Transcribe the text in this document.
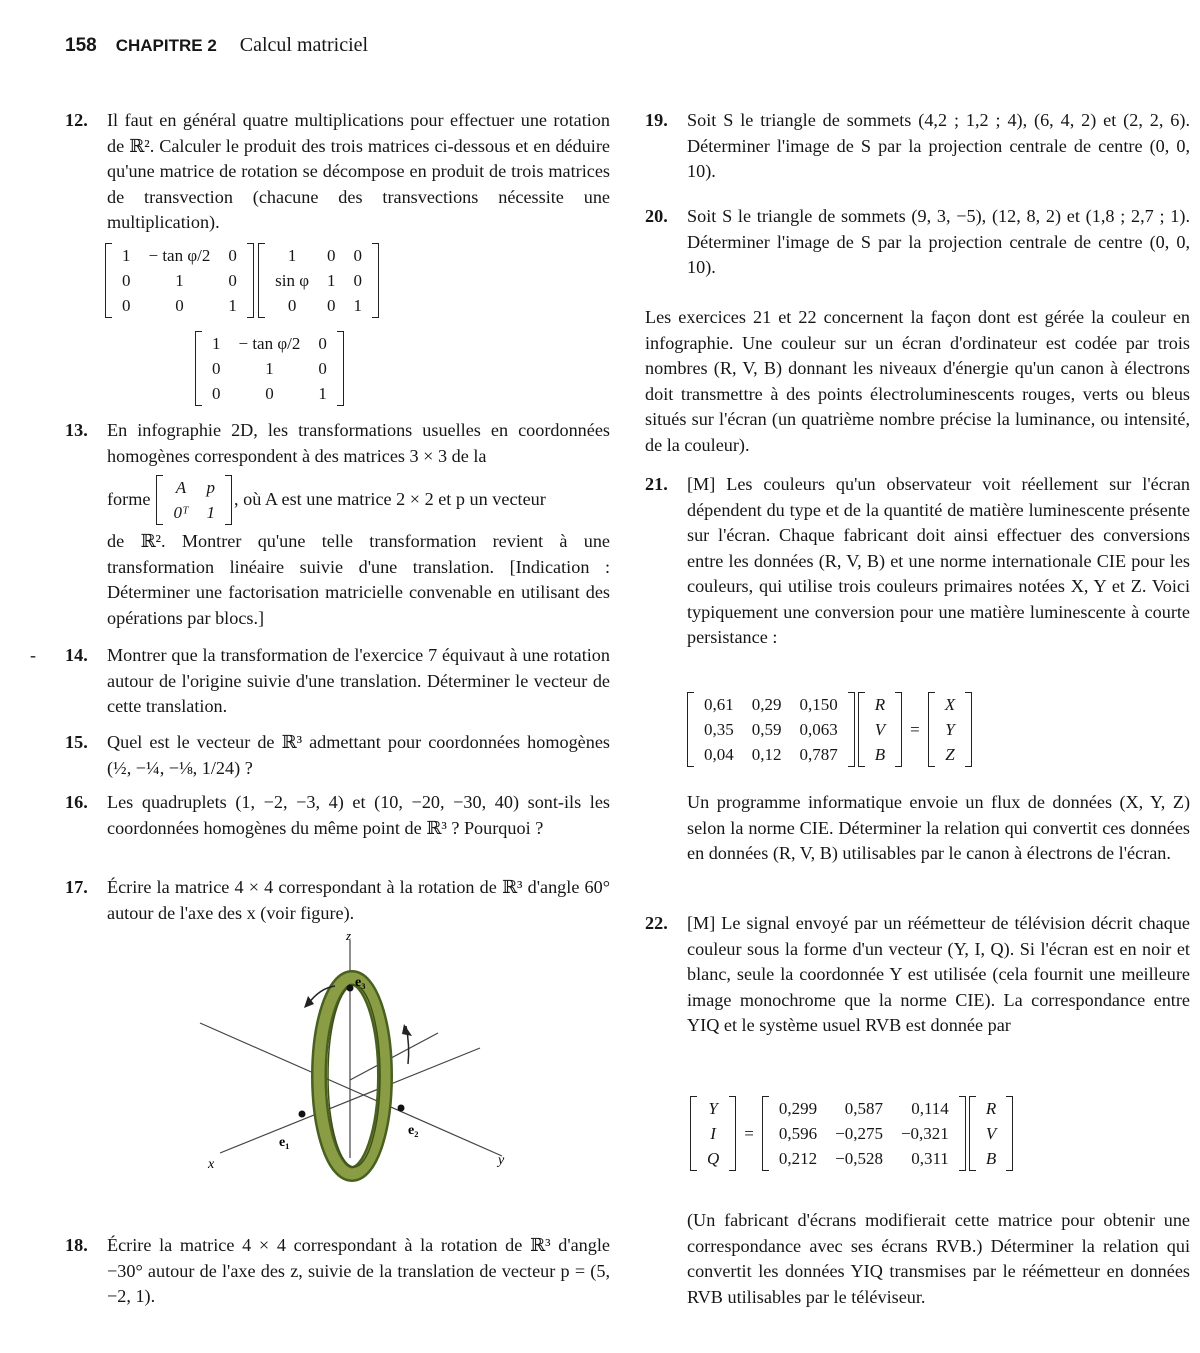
158 CHAPITRE 2 Calcul matriciel
-
12. Il faut en général quatre multiplications pour effectuer une rotation de ℝ². Calculer le produit des trois matrices ci-dessous et en déduire qu'une matrice de rotation se décompose en produit de trois matrices de transvection (chacune des transvections nécessite une multiplication).
1	− tan φ/2	0
0	1	0
0	0	1

1	0	0
sin φ	1	0
0	0	1
1	− tan φ/2	0
0	1	0
0	0	1
13. En infographie 2D, les transformations usuelles en coordonnées homogènes correspondent à des matrices 3 × 3 de la
forme
A	p
0ᵀ	1
, où A est une matrice 2 × 2 et p un vecteur
de ℝ². Montrer qu'une telle transformation revient à une transformation linéaire suivie d'une translation. [Indication : Déterminer une factorisation matricielle convenable en utilisant des opérations par blocs.]
14. Montrer que la transformation de l'exercice 7 équivaut à une rotation autour de l'origine suivie d'une translation. Déterminer le vecteur de cette translation.
15. Quel est le vecteur de ℝ³ admettant pour coordonnées homogènes (½, −¼, −⅛, 1/24) ?
16. Les quadruplets (1, −2, −3, 4) et (10, −20, −30, 40) sont-ils les coordonnées homogènes du même point de ℝ³ ? Pourquoi ?
17. Écrire la matrice 4 × 4 correspondant à la rotation de ℝ³ d'angle 60° autour de l'axe des x (voir figure).
z
x	y
e₃
e₂
e₁
18. Écrire la matrice 4 × 4 correspondant à la rotation de ℝ³ d'angle −30° autour de l'axe des z, suivie de la translation de vecteur p = (5, −2, 1).
19. Soit S le triangle de sommets (4,2 ; 1,2 ; 4), (6, 4, 2) et (2, 2, 6). Déterminer l'image de S par la projection centrale de centre (0, 0, 10).
20. Soit S le triangle de sommets (9, 3, −5), (12, 8, 2) et (1,8 ; 2,7 ; 1). Déterminer l'image de S par la projection centrale de centre (0, 0, 10).
Les exercices 21 et 22 concernent la façon dont est gérée la couleur en infographie. Une couleur sur un écran d'ordinateur est codée par trois nombres (R, V, B) donnant les niveaux d'énergie qu'un canon à électrons doit transmettre à des points électroluminescents rouges, verts ou bleus situés sur l'écran (un quatrième nombre précise la luminance, ou intensité, de la couleur).
21. [M] Les couleurs qu'un observateur voit réellement sur l'écran dépendent du type et de la quantité de matière luminescente présente sur l'écran. Chaque fabricant doit ainsi effectuer des conversions entre les données (R, V, B) et une norme internationale CIE pour les couleurs, qui utilise trois couleurs primaires notées X, Y et Z. Voici typiquement une conversion pour une matière luminescente à courte persistance :
0,61	0,29	0,150
0,35	0,59	0,063
0,04	0,12	0,787
R
V
B
=
X
Y
Z
Un programme informatique envoie un flux de données (X, Y, Z) selon la norme CIE. Déterminer la relation qui convertit ces données en données (R, V, B) utilisables par le canon à électrons de l'écran.
22. [M] Le signal envoyé par un réémetteur de télévision décrit chaque couleur sous la forme d'un vecteur (Y, I, Q). Si l'écran est en noir et blanc, seule la coordonnée Y est utilisée (cela fournit une meilleure image monochrome que la norme CIE). La correspondance entre YIQ et le système usuel RVB est donnée par
Y
I
Q
=
0,299	0,587	0,114
0,596	−0,275	−0,321
0,212	−0,528	0,311
R
V
B
(Un fabricant d'écrans modifierait cette matrice pour obtenir une correspondance avec ses écrans RVB.) Déterminer la relation qui convertit les données YIQ transmises par le réémetteur en données RVB utilisables par le téléviseur.
